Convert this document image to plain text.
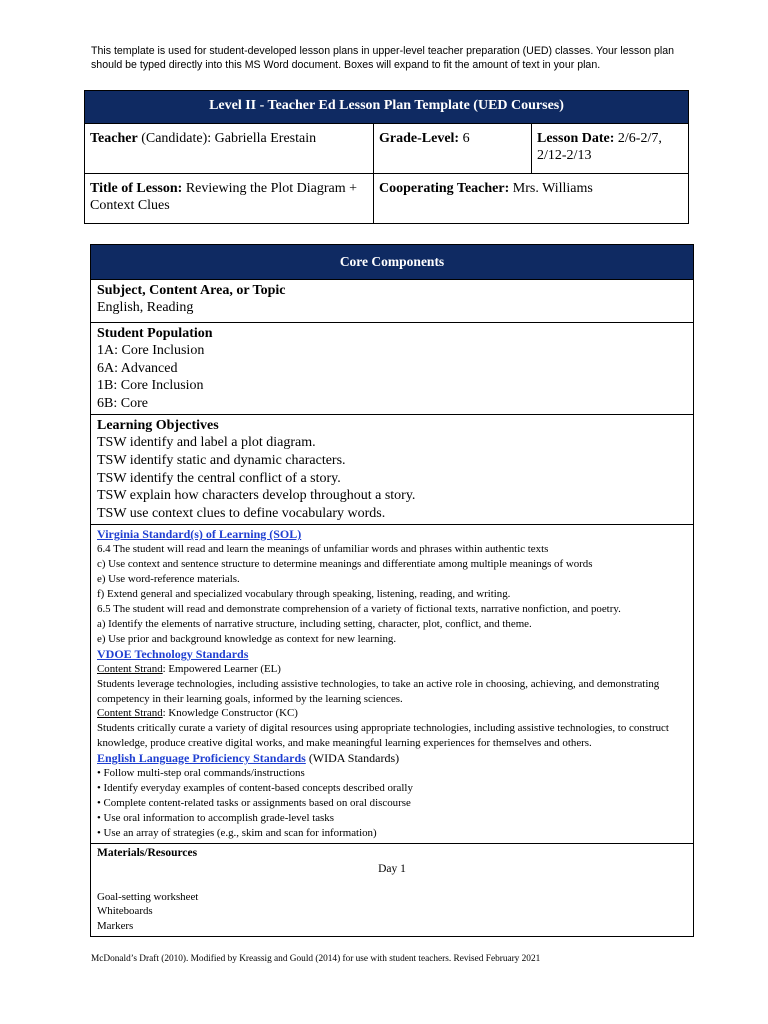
This template is used for student-developed lesson plans in upper-level teacher preparation (UED) classes. Your lesson plan should be typed directly into this MS Word document. Boxes will expand to fit the amount of text in your plan.
Level II - Teacher Ed Lesson Plan Template (UED Courses)		
Teacher (Candidate): Gabriella Erestain	Grade-Level: 6	Lesson Date: 2/6-2/7, 2/12-2/13
Title of Lesson: Reviewing the Plot Diagram + Context Clues	Cooperating Teacher: Mrs. Williams	
Core Components

Subject, Content Area, or Topic
English, Reading

Student Population
1A: Core Inclusion
6A: Advanced
1B: Core Inclusion
6B: Core

Learning Objectives
TSW identify and label a plot diagram.
TSW identify static and dynamic characters.
TSW identify the central conflict of a story.
TSW explain how characters develop throughout a story.
TSW use context clues to define vocabulary words.

Virginia Standard(s) of Learning (SOL)
6.4 The student will read and learn the meanings of unfamiliar words and phrases within authentic texts
c) Use context and sentence structure to determine meanings and differentiate among multiple meanings of words
e) Use word-reference materials.
f) Extend general and specialized vocabulary through speaking, listening, reading, and writing.
6.5 The student will read and demonstrate comprehension of a variety of fictional texts, narrative nonfiction, and poetry.
a) Identify the elements of narrative structure, including setting, character, plot, conflict, and theme.
e) Use prior and background knowledge as context for new learning.
VDOE Technology Standards
Content Strand: Empowered Learner (EL)
Students leverage technologies, including assistive technologies, to take an active role in choosing, achieving, and demonstrating competency in their learning goals, informed by the learning sciences.
Content Strand: Knowledge Constructor (KC)
Students critically curate a variety of digital resources using appropriate technologies, including assistive technologies, to construct knowledge, produce creative digital works, and make meaningful learning experiences for themselves and others.
English Language Proficiency Standards (WIDA Standards)
• Follow multi-step oral commands/instructions
• Identify everyday examples of content-based concepts described orally
• Complete content-related tasks or assignments based on oral discourse
• Use oral information to accomplish grade-level tasks
• Use an array of strategies (e.g., skim and scan for information)

Materials/Resources
Day 1
Goal-setting worksheet
Whiteboards
Markers
McDonald’s Draft (2010). Modified by Kreassig and Gould (2014) for use with student teachers. Revised February 2021
